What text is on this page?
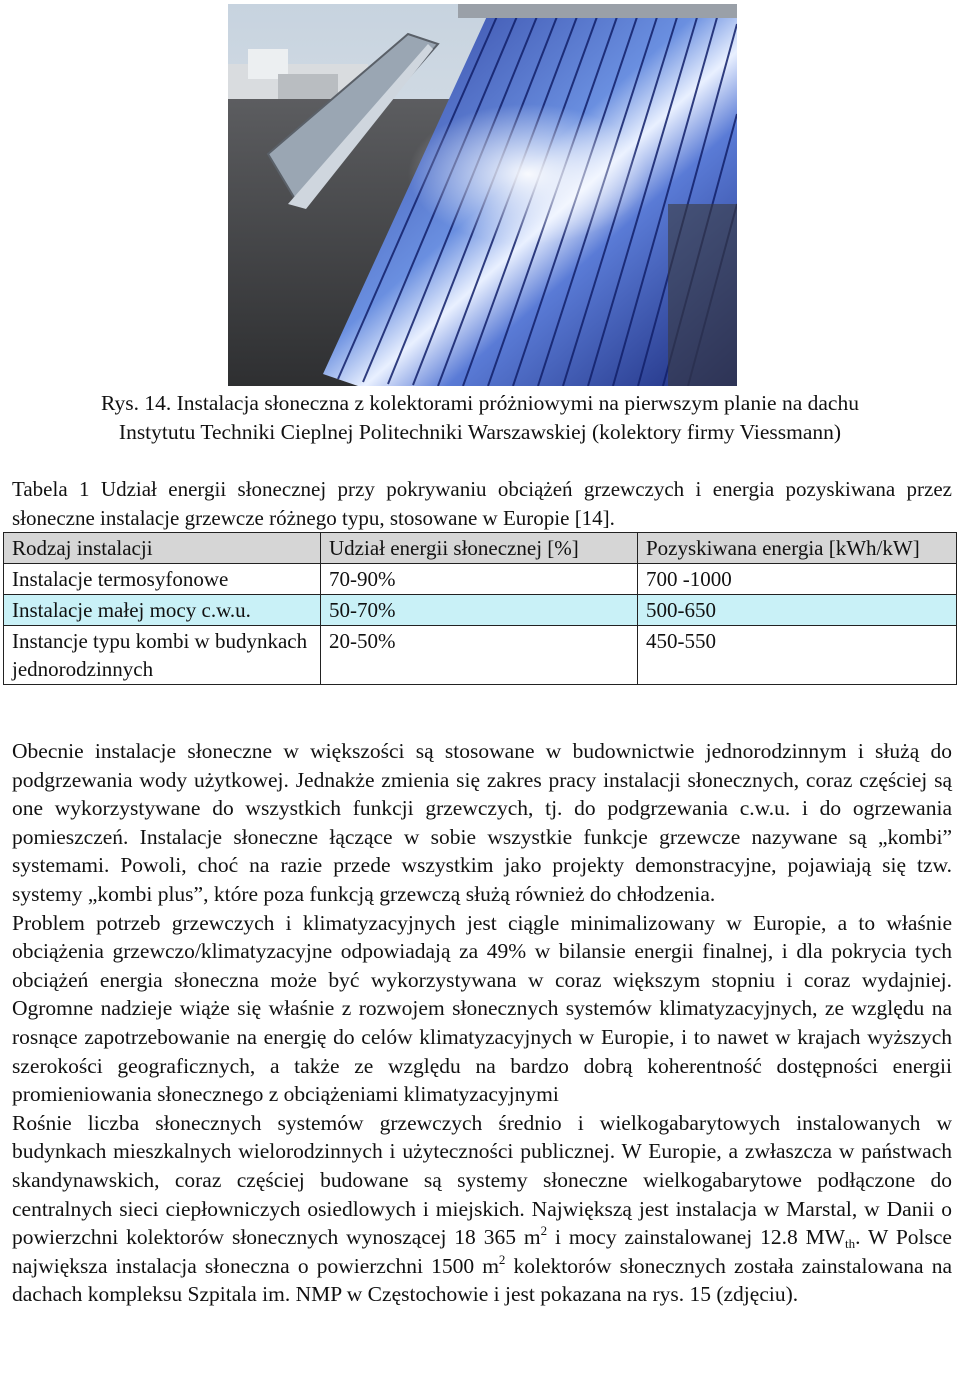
Rys. 14. Instalacja słoneczna z kolektorami próżniowymi na pierwszym planie na dachu
Instytutu Techniki Cieplnej Politechniki Warszawskiej (kolektory firmy Viessmann)
Tabela 1 Udział energii słonecznej przy pokrywaniu obciążeń grzewczych i energia pozyskiwana przez słoneczne instalacje grzewcze różnego typu, stosowane w Europie [14].
Rodzaj instalacji	Udział energii słonecznej [%]	Pozyskiwana energia [kWh/kW]
Instalacje termosyfonowe	70-90%	700 -1000
Instalacje małej mocy c.w.u.	50-70%	500-650
Instancje typu kombi w budynkach jednorodzinnych	20-50%	450-550

Obecnie instalacje słoneczne w większości są stosowane w budownictwie jednorodzinnym i służą do podgrzewania wody użytkowej. Jednakże zmienia się zakres pracy instalacji słonecznych, coraz częściej są one wykorzystywane do wszystkich funkcji grzewczych, tj. do podgrzewania c.w.u. i do ogrzewania pomieszczeń. Instalacje słoneczne łączące w sobie wszystkie funkcje grzewcze nazywane są „kombi” systemami. Powoli, choć na razie przede wszystkim jako projekty demonstracyjne, pojawiają się tzw. systemy „kombi plus”, które poza funkcją grzewczą służą również do chłodzenia.

Problem potrzeb grzewczych i klimatyzacyjnych jest ciągle minimalizowany w Europie, a to właśnie obciążenia grzewczo/klimatyzacyjne odpowiadają za 49% w bilansie energii finalnej, i dla pokrycia tych obciążeń energia słoneczna może być wykorzystywana w coraz większym stopniu i coraz wydajniej. Ogromne nadzieje wiąże się właśnie z rozwojem słonecznych systemów klimatyzacyjnych, ze względu na rosnące zapotrzebowanie na energię do celów klimatyzacyjnych w Europie, i to nawet w krajach wyższych szerokości geograficznych, a także ze względu na bardzo dobrą koherentność dostępności energii promieniowania słonecznego z obciążeniami klimatyzacyjnymi

Rośnie liczba słonecznych systemów grzewczych średnio i wielkogabarytowych instalowanych w budynkach mieszkalnych wielorodzinnych i użyteczności publicznej. W Europie, a zwłaszcza w państwach skandynawskich, coraz częściej budowane są systemy słoneczne wielkogabarytowe podłączone do centralnych sieci ciepłowniczych osiedlowych i miejskich. Największą jest instalacja w Marstal, w Danii o powierzchni kolektorów słonecznych wynoszącej 18 365 $m^2$ i mocy zainstalowanej 12.8 $MW_{th}$. W Polsce największa instalacja słoneczna o powierzchni 1500 $m^2$ kolektorów słonecznych została zainstalowana na dachach kompleksu Szpitala im. NMP w Częstochowie i jest pokazana na rys. 15 (zdjęciu).
